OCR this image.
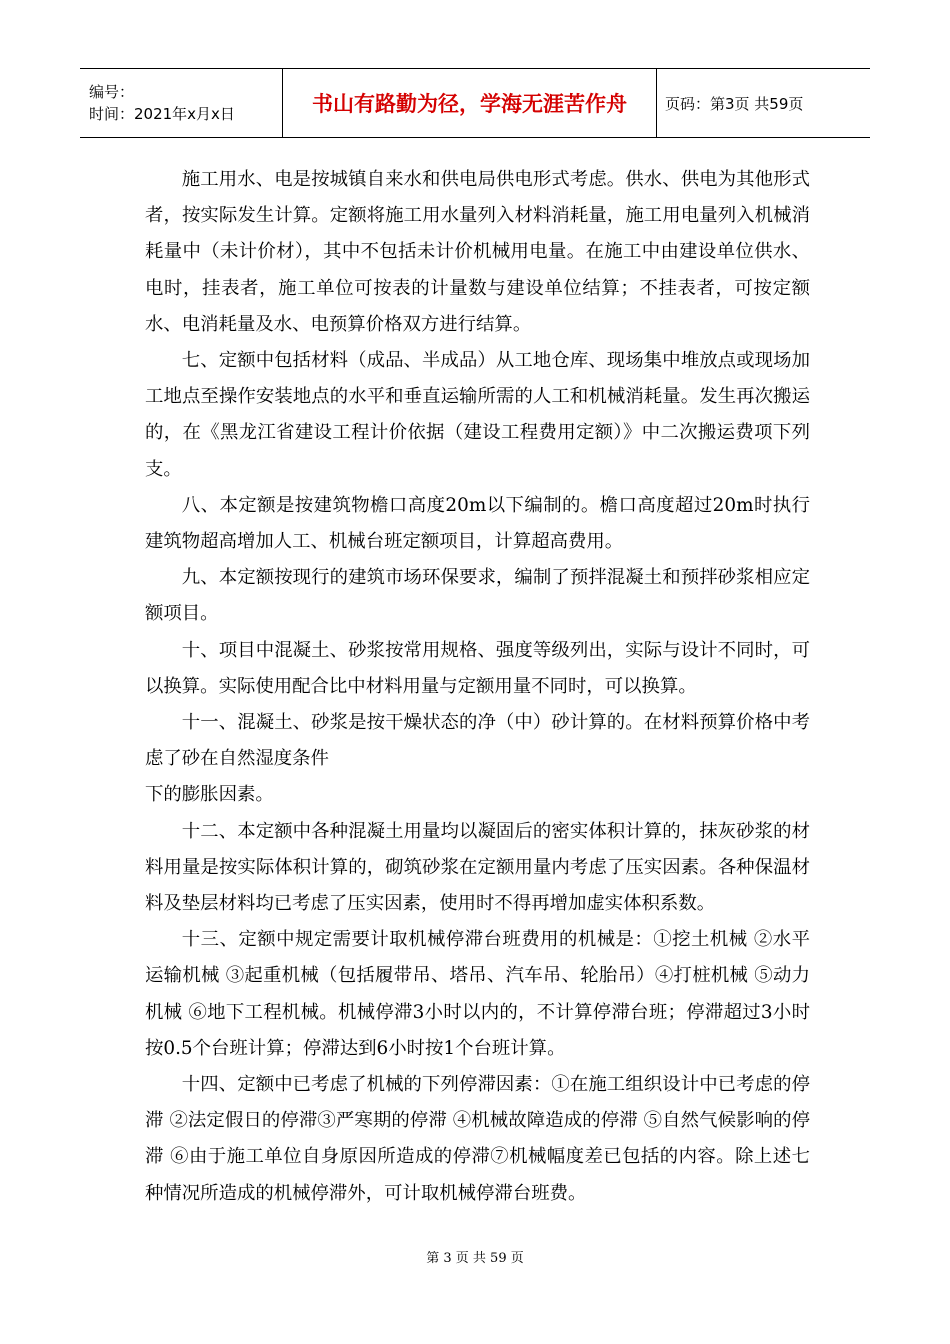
编号：
时间：2021年x月x日	书山有路勤为径，学海无涯苦作舟	页码：第3页 共59页

施工用水、电是按城镇自来水和供电局供电形式考虑。供水、供电为其他形式者，按实际发生计算。定额将施工用水量列入材料消耗量，施工用电量列入机械消耗量中（未计价材），其中不包括未计价机械用电量。在施工中由建设单位供水、电时，挂表者，施工单位可按表的计量数与建设单位结算；不挂表者，可按定额水、电消耗量及水、电预算价格双方进行结算。

七、定额中包括材料（成品、半成品）从工地仓库、现场集中堆放点或现场加工地点至操作安装地点的水平和垂直运输所需的人工和机械消耗量。发生再次搬运的，在《黑龙江省建设工程计价依据（建设工程费用定额）》中二次搬运费项下列支。

八、本定额是按建筑物檐口高度20m以下编制的。檐口高度超过20m时执行建筑物超高增加人工、机械台班定额项目，计算超高费用。

九、本定额按现行的建筑市场环保要求，编制了预拌混凝土和预拌砂浆相应定额项目。

十、项目中混凝土、砂浆按常用规格、强度等级列出，实际与设计不同时，可以换算。实际使用配合比中材料用量与定额用量不同时，可以换算。

十一、混凝土、砂浆是按干燥状态的净（中）砂计算的。在材料预算价格中考虑了砂在自然湿度条件

下的膨胀因素。

十二、本定额中各种混凝土用量均以凝固后的密实体积计算的，抹灰砂浆的材料用量是按实际体积计算的，砌筑砂浆在定额用量内考虑了压实因素。各种保温材料及垫层材料均已考虑了压实因素，使用时不得再增加虚实体积系数。

十三、定额中规定需要计取机械停滞台班费用的机械是：①挖土机械 ②水平运输机械 ③起重机械（包括履带吊、塔吊、汽车吊、轮胎吊）④打桩机械 ⑤动力机械 ⑥地下工程机械。机械停滞3小时以内的，不计算停滞台班；停滞超过3小时按0.5个台班计算；停滞达到6小时按1个台班计算。

十四、定额中已考虑了机械的下列停滞因素：①在施工组织设计中已考虑的停滞 ②法定假日的停滞③严寒期的停滞 ④机械故障造成的停滞 ⑤自然气候影响的停滞 ⑥由于施工单位自身原因所造成的停滞⑦机械幅度差已包括的内容。除上述七种情况所造成的机械停滞外，可计取机械停滞台班费。

第 3 页 共 59 页
